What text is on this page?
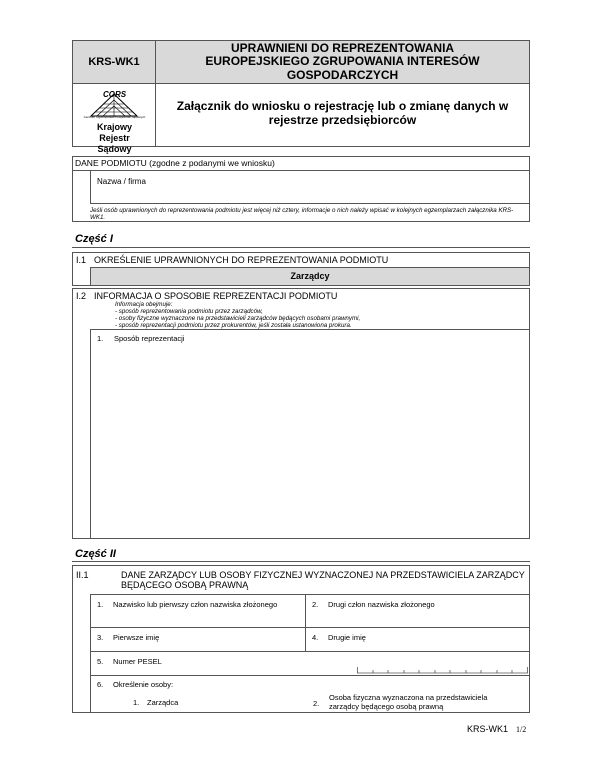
KRS-WK1
CORS
Centrum Ogólnopolskich Rejestrów Sądowych
Krajowy Rejestr Sądowy
UPRAWNIENI DO REPREZENTOWANIA EUROPEJSKIEGO ZGRUPOWANIA INTERESÓW GOSPODARCZYCH
Załącznik do wniosku o rejestrację lub o zmianę danych w rejestrze przedsiębiorców
DANE PODMIOTU (zgodne z podanymi we wniosku)
Nazwa / firma
Jeśli osób uprawnionych do reprezentowania podmiotu jest więcej niż cztery, informacje o nich należy wpisać w kolejnych egzemplarzach załącznika KRS-WK1.
Część I
I.1 OKREŚLENIE UPRAWNIONYCH DO REPREZENTOWANIA PODMIOTU
Zarządcy
I.2 INFORMACJA O SPOSOBIE REPREZENTACJI PODMIOTU
Informacja obejmuje:
- sposób reprezentowania podmiotu przez zarządców,
- osoby fizyczne wyznaczone na przedstawicieli zarządców będących osobami prawnymi,
- sposób reprezentacji podmiotu przez prokurentów, jeśli została ustanowiona prokura.
1. Sposób reprezentacji
Część II
II.1	DANE ZARZĄDCY LUB OSOBY FIZYCZNEJ WYZNACZONEJ NA PRZEDSTAWICIELA ZARZĄDCY BĘDĄCEGO OSOBĄ PRAWNĄ
1. Nazwisko lub pierwszy człon nazwiska złożonego	2. Drugi człon nazwiska złożonego
3. Pierwsze imię	4. Drugie imię
5. Numer PESEL
6. Określenie osoby:
1. Zarządca	2.
Osoba fizyczna wyznaczona na przedstawiciela zarządcy będącego osobą prawną
KRS-WK1 1/2
